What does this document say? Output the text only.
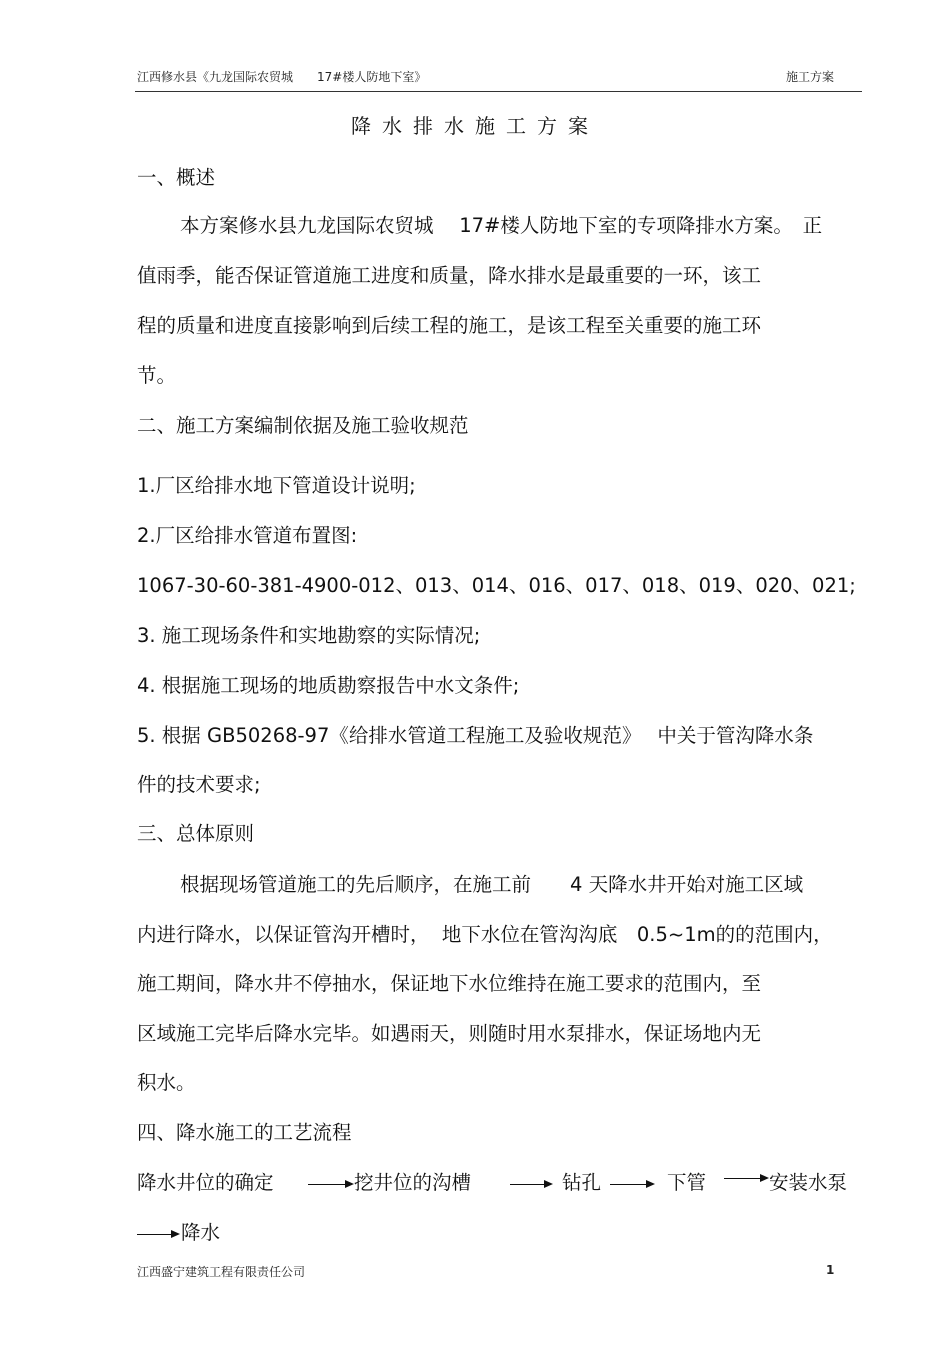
江西修水县《九龙国际农贸城　　17#楼人防地下室》	施工方案
降水排水施工方案
一、概述
本方案修水县九龙国际农贸城　 17#楼人防地下室的专项降排水方案。　正
值雨季，能否保证管道施工进度和质量，降水排水是最重要的一环，该工
程的质量和进度直接影响到后续工程的施工，是该工程至关重要的施工环
节。
二、施工方案编制依据及施工验收规范
1.厂区给排水地下管道设计说明;
2.厂区给排水管道布置图:
1067-30-60-381-4900-012、013、014、016、017、018、019、020、021;
3. 施工现场条件和实地勘察的实际情况;
4. 根据施工现场的地质勘察报告中水文条件;
5. 根据 GB50268-97《给排水管道工程施工及验收规范》　 中关于管沟降水条
件的技术要求;
三、总体原则
根据现场管道施工的先后顺序，在施工前　　4 天降水井开始对施工区域
内进行降水，以保证管沟开槽时，  地下水位在管沟沟底　0.5~1m的的范围内，
施工期间，降水井不停抽水，保证地下水位维持在施工要求的范围内，至
区域施工完毕后降水完毕。如遇雨天，则随时用水泵排水，保证场地内无
积水。
四、降水施工的工艺流程
降水井位的确定	挖井位的沟槽	钻孔	下管	安装水泵
降水
江西盛宁建筑工程有限责任公司	1
